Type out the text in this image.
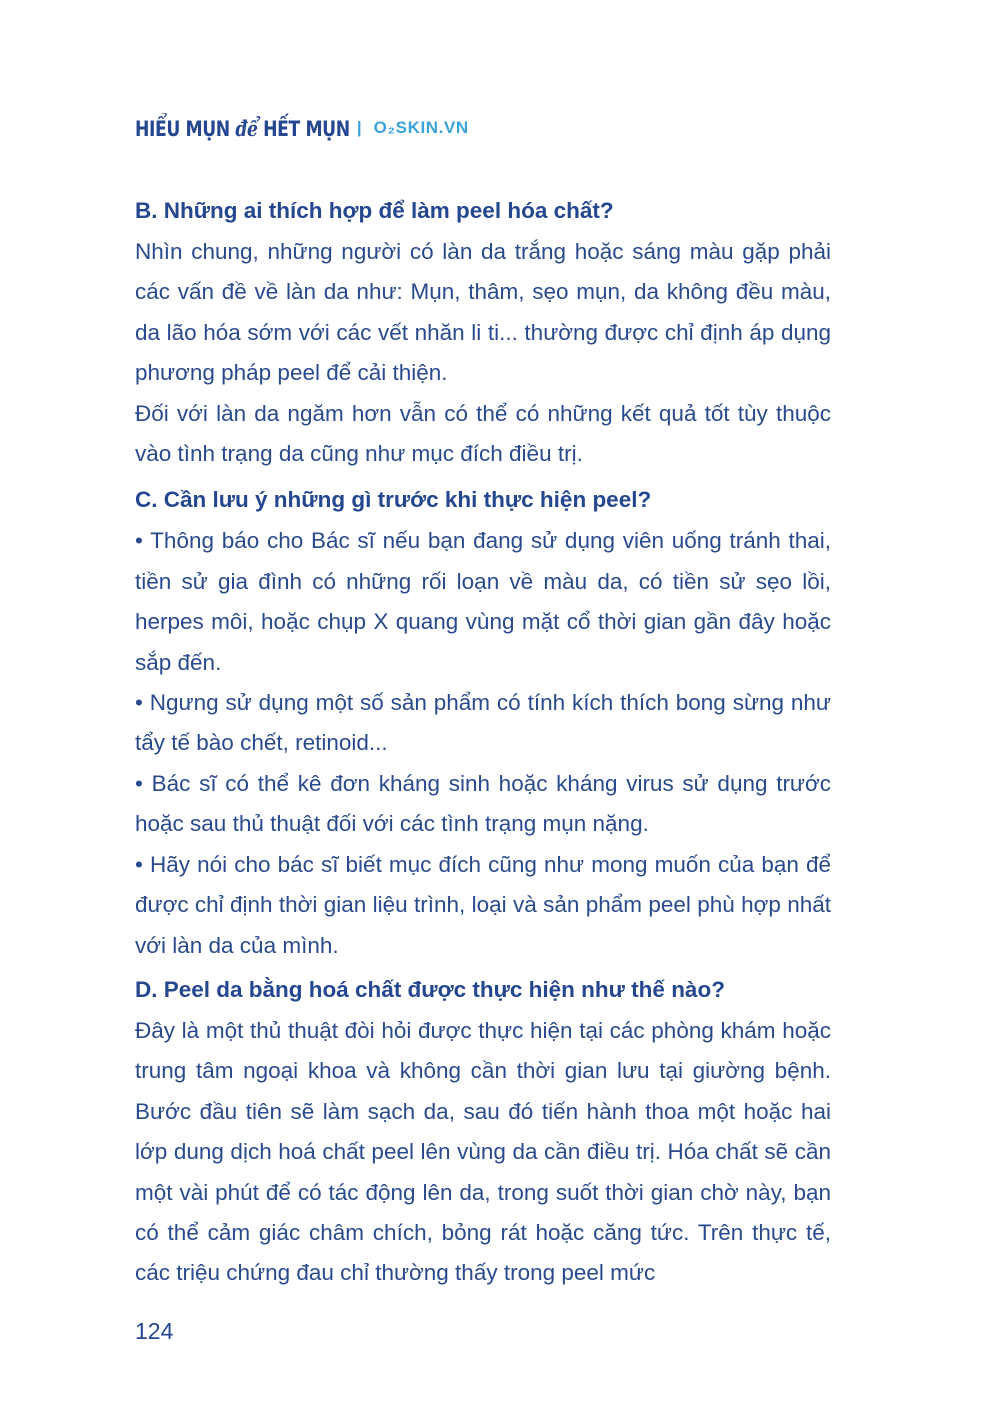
HIỂU MỤN để HẾT MỤN | O₂SKIN.VN
B. Những ai thích hợp để làm peel hóa chất?

Nhìn chung, những người có làn da trắng hoặc sáng màu gặp phải các vấn đề về làn da như: Mụn, thâm, sẹo mụn, da không đều màu, da lão hóa sớm với các vết nhăn li ti... thường được chỉ định áp dụng phương pháp peel để cải thiện.

Đối với làn da ngăm hơn vẫn có thể có những kết quả tốt tùy thuộc vào tình trạng da cũng như mục đích điều trị.

C. Cần lưu ý những gì trước khi thực hiện peel?

• Thông báo cho Bác sĩ nếu bạn đang sử dụng viên uống tránh thai, tiền sử gia đình có những rối loạn về màu da, có tiền sử sẹo lồi, herpes môi, hoặc chụp X quang vùng mặt cổ thời gian gần đây hoặc sắp đến.

• Ngưng sử dụng một số sản phẩm có tính kích thích bong sừng như tẩy tế bào chết, retinoid...

• Bác sĩ có thể kê đơn kháng sinh hoặc kháng virus sử dụng trước hoặc sau thủ thuật đối với các tình trạng mụn nặng.

• Hãy nói cho bác sĩ biết mục đích cũng như mong muốn của bạn để được chỉ định thời gian liệu trình, loại và sản phẩm peel phù hợp nhất với làn da của mình.

D. Peel da bằng hoá chất được thực hiện như thế nào?

Đây là một thủ thuật đòi hỏi được thực hiện tại các phòng khám hoặc trung tâm ngoại khoa và không cần thời gian lưu tại giường bệnh. Bước đầu tiên sẽ làm sạch da, sau đó tiến hành thoa một hoặc hai lớp dung dịch hoá chất peel lên vùng da cần điều trị. Hóa chất sẽ cần một vài phút để có tác động lên da, trong suốt thời gian chờ này, bạn có thể cảm giác châm chích, bỏng rát hoặc căng tức. Trên thực tế, các triệu chứng đau chỉ thường thấy trong peel mức

124
